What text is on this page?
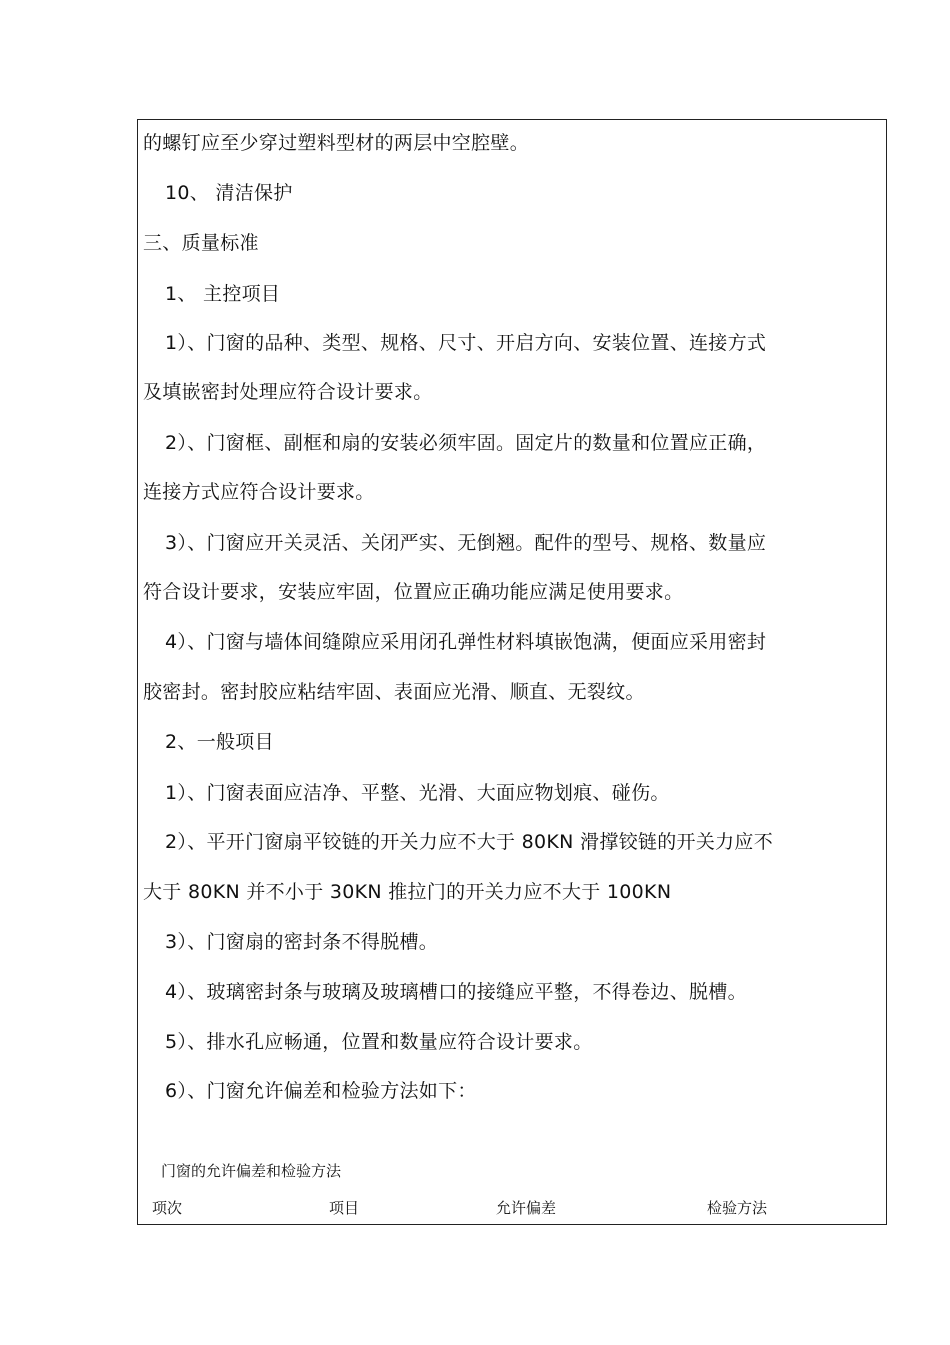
的螺钉应至少穿过塑料型材的两层中空腔壁。
10、 清洁保护
三、质量标准
1、 主控项目
1）、门窗的品种、类型、规格、尺寸、开启方向、安装位置、连接方式
及填嵌密封处理应符合设计要求。
2）、门窗框、副框和扇的安装必须牢固。固定片的数量和位置应正确，
连接方式应符合设计要求。
3）、门窗应开关灵活、关闭严实、无倒翘。配件的型号、规格、数量应
符合设计要求，安装应牢固，位置应正确功能应满足使用要求。
4）、门窗与墙体间缝隙应采用闭孔弹性材料填嵌饱满，便面应采用密封
胶密封。密封胶应粘结牢固、表面应光滑、顺直、无裂纹。
2、一般项目
1）、门窗表面应洁净、平整、光滑、大面应物划痕、碰伤。
2）、平开门窗扇平铰链的开关力应不大于 80KN 滑撑铰链的开关力应不
大于 80KN 并不小于 30KN 推拉门的开关力应不大于 100KN
3）、门窗扇的密封条不得脱槽。
4）、玻璃密封条与玻璃及玻璃槽口的接缝应平整，不得卷边、脱槽。
5）、排水孔应畅通，位置和数量应符合设计要求。
6）、门窗允许偏差和检验方法如下：
门窗的允许偏差和检验方法
项次	项目	允许偏差	检验方法
